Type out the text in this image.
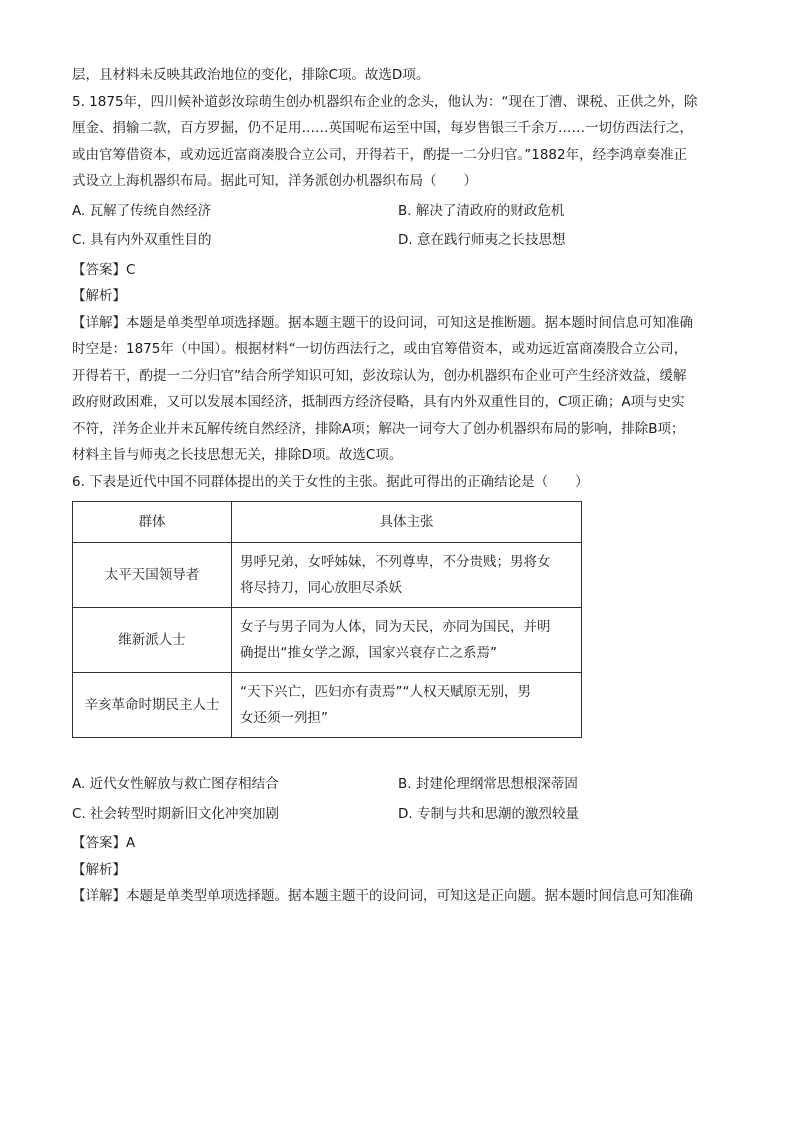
层，且材料未反映其政治地位的变化，排除C项。故选D项。

5. 1875年，四川候补道彭汝琮萌生创办机器织布企业的念头，他认为：“现在丁漕、课税、正供之外，除

厘金、捐输二款，百方罗掘，仍不足用……英国呢布运至中国，每岁售银三千余万……一切仿西法行之，

或由官筹借资本，或劝远近富商凑股合立公司，开得若干，酌提一二分归官。”1882年，经李鸿章奏准正

式设立上海机器织布局。据此可知，洋务派创办机器织布局（　　）

A. 瓦解了传统自然经济	B. 解决了清政府的财政危机
C. 具有内外双重性目的	D. 意在践行师夷之长技思想

【答案】C

【解析】

【详解】本题是单类型单项选择题。据本题主题干的设问词，可知这是推断题。据本题时间信息可知准确

时空是：1875年（中国）。根据材料“一切仿西法行之，或由官筹借资本，或劝远近富商凑股合立公司，

开得若干，酌提一二分归官”结合所学知识可知，彭汝琮认为，创办机器织布企业可产生经济效益，缓解

政府财政困难，又可以发展本国经济，抵制西方经济侵略，具有内外双重性目的，C项正确；A项与史实

不符，洋务企业并未瓦解传统自然经济，排除A项；解决一词夸大了创办机器织布局的影响，排除B项；

材料主旨与师夷之长技思想无关，排除D项。故选C项。

6. 下表是近代中国不同群体提出的关于女性的主张。据此可得出的正确结论是（　　）

群体	具体主张
太平天国领导者	男呼兄弟，女呼姊妹，不列尊卑，不分贵贱；男将女
将尽持刀，同心放胆尽杀妖
维新派人士	女子与男子同为人体，同为天民，亦同为国民，并明
确提出“推女学之源，国家兴衰存亡之系焉”
辛亥革命时期民主人士	“天下兴亡，匹妇亦有责焉”“人权天赋原无别，男
女还须一列担”
A. 近代女性解放与救亡图存相结合	B. 封建伦理纲常思想根深蒂固
C. 社会转型时期新旧文化冲突加剧	D. 专制与共和思潮的激烈较量

【答案】A

【解析】

【详解】本题是单类型单项选择题。据本题主题干的设问词，可知这是正向题。据本题时间信息可知准确
